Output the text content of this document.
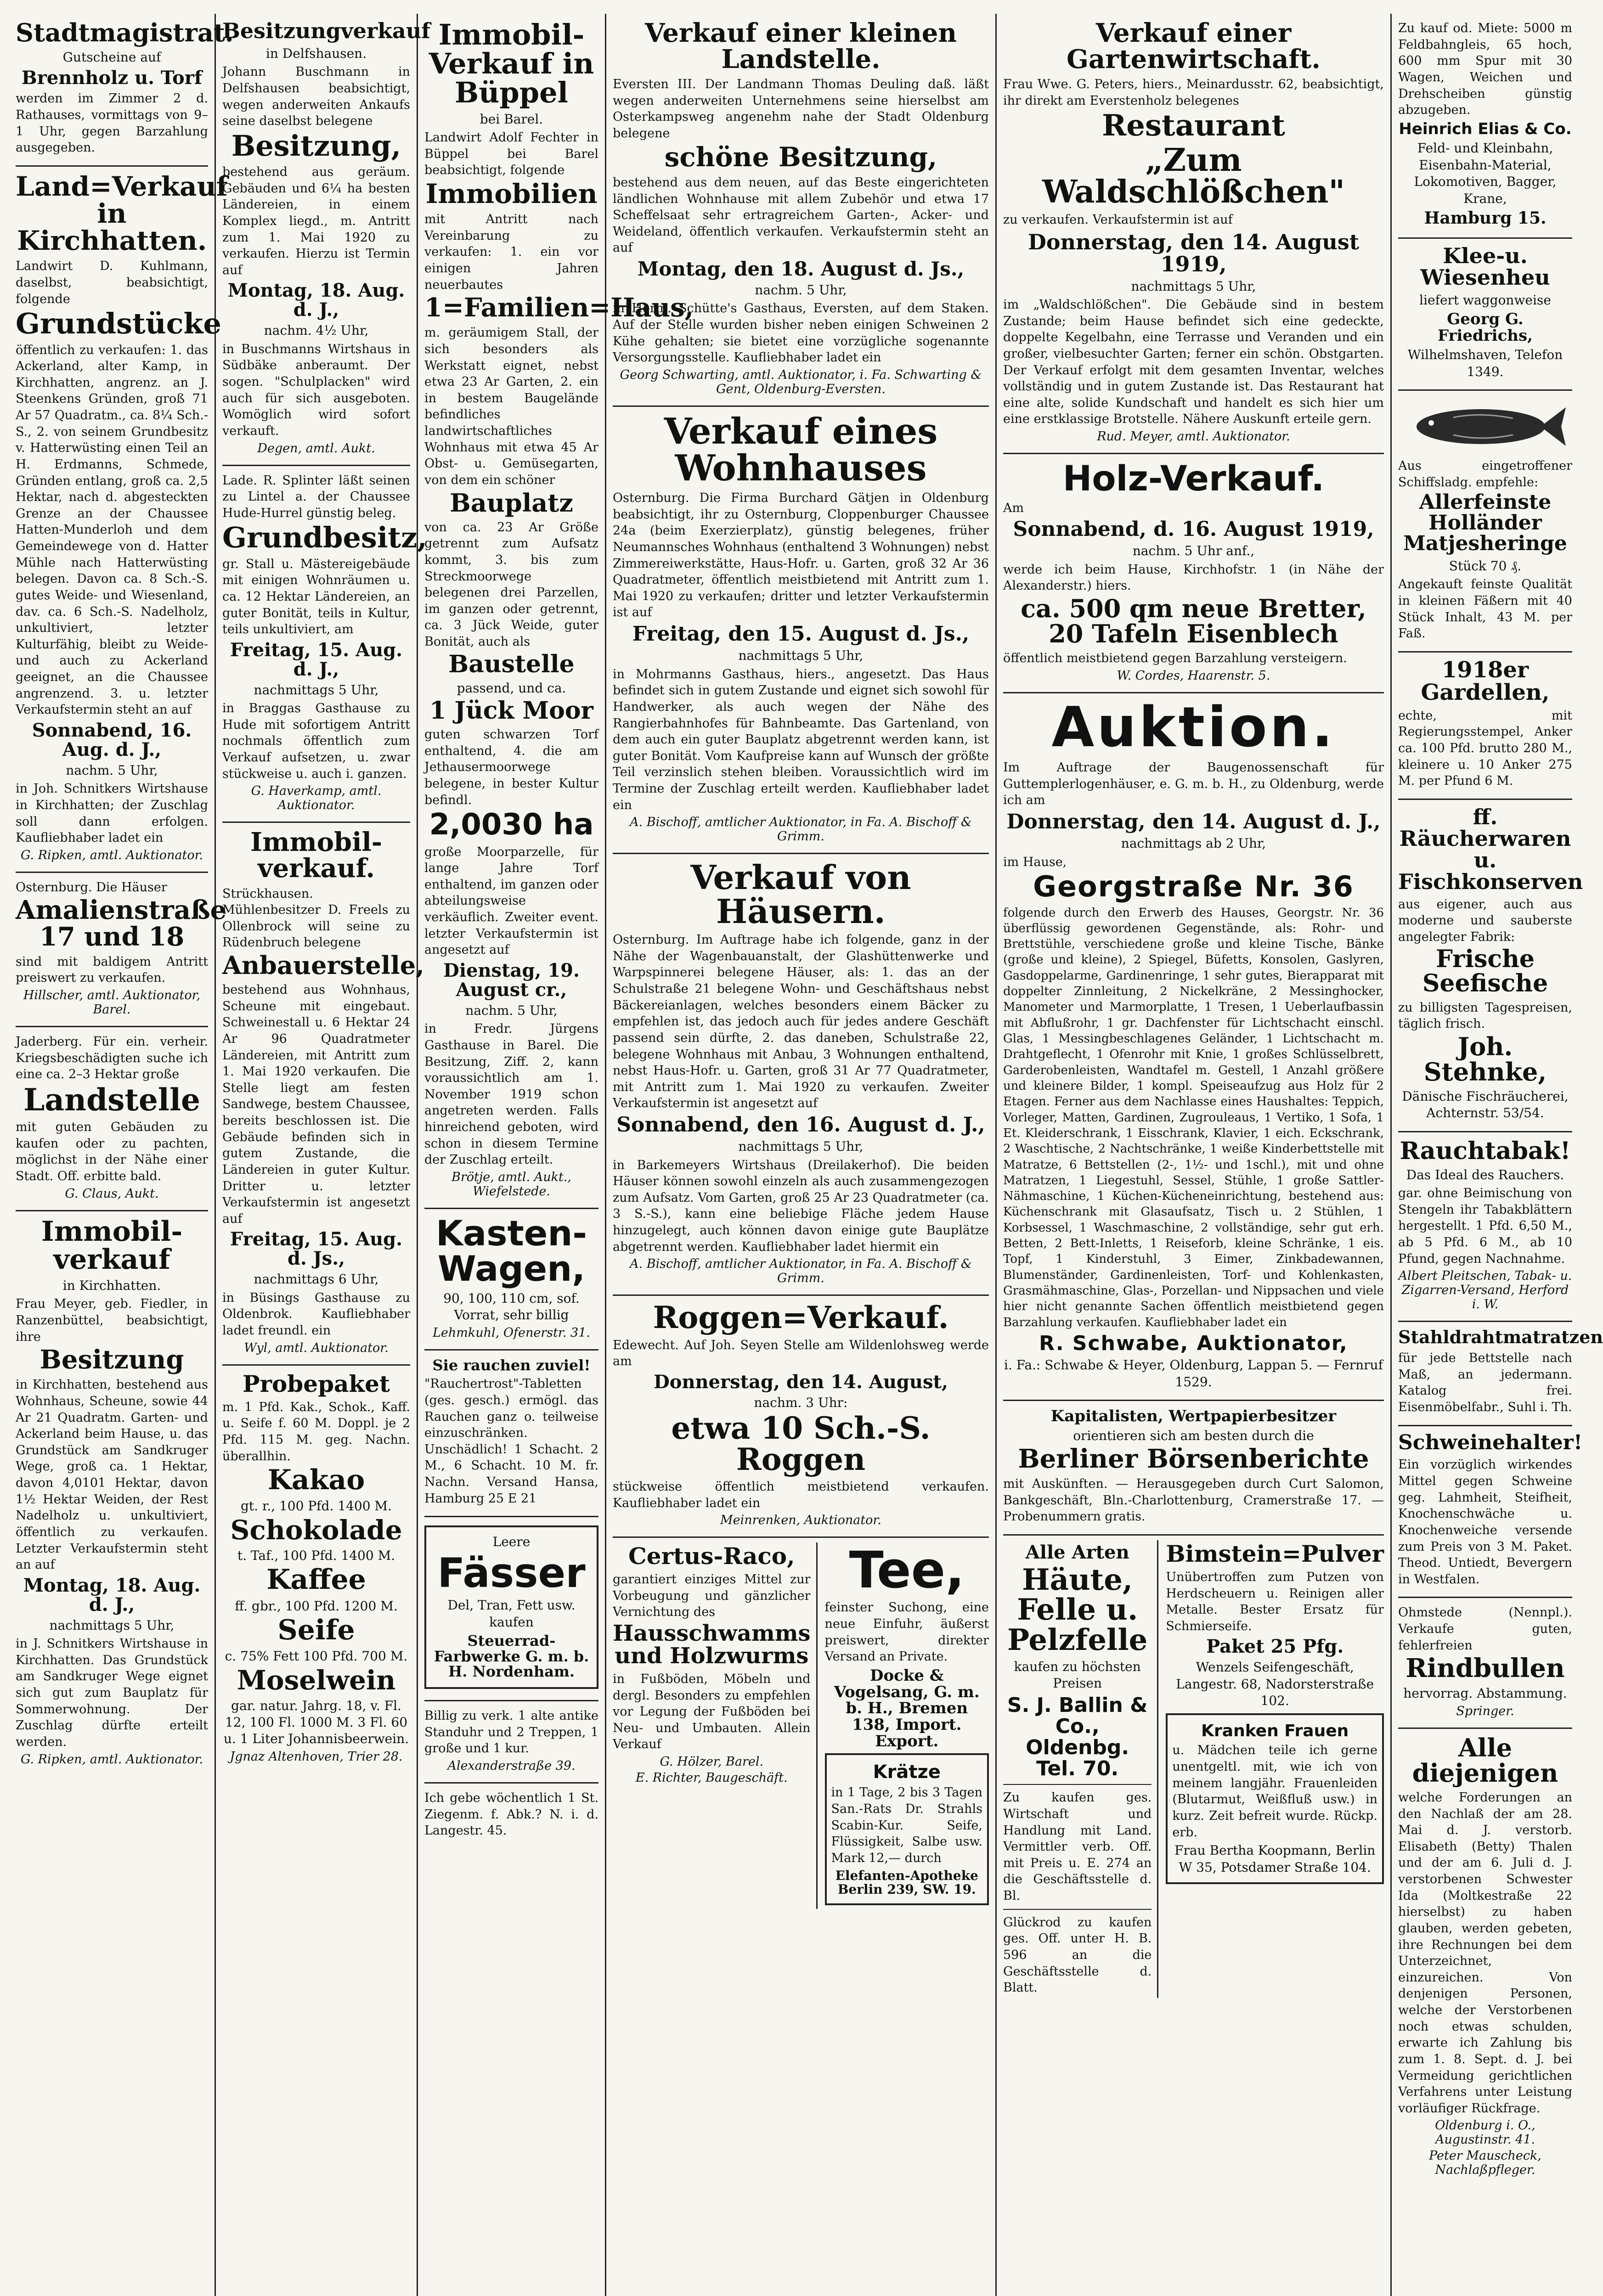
Stadtmagistrat.
Gutscheine auf
Brennholz u. Torf
werden im Zimmer 2 d. Rathauses, vormittags von 9–1 Uhr, gegen Barzahlung ausgegeben.
Land=Verkauf in Kirchhatten.
Landwirt D. Kuhlmann, daselbst, beabsichtigt, folgende
Grundstücke
öffentlich zu verkaufen: 1. das Ackerland, alter Kamp, in Kirchhatten, angrenz. an J. Steenkens Gründen, groß 71 Ar 57 Quadratm., ca. 8¼ Sch.-S., 2. von seinem Grundbesitz v. Hatterwüsting einen Teil an H. Erdmanns, Schmede, Gründen entlang, groß ca. 2,5 Hektar, nach d. abgesteckten Grenze an der Chaussee Hatten-Munderloh und dem Gemeindewege von d. Hatter Mühle nach Hatterwüsting belegen. Davon ca. 8 Sch.-S. gutes Weide- und Wiesenland, dav. ca. 6 Sch.-S. Nadelholz, unkultiviert, letzter Kulturfähig, bleibt zu Weide- und auch zu Ackerland geeignet, an die Chaussee angrenzend. 3. u. letzter Verkaufstermin steht an auf
Sonnabend, 16. Aug. d. J.,
nachm. 5 Uhr,
in Joh. Schnitkers Wirtshause in Kirchhatten; der Zuschlag soll dann erfolgen. Kaufliebhaber ladet ein
G. Ripken, amtl. Auktionator.
Osternburg. Die Häuser
Amalienstraße 17 und 18
sind mit baldigem Antritt preiswert zu verkaufen.
Hillscher, amtl. Auktionator, Barel.
Jaderberg. Für ein. verheir. Kriegsbeschädigten suche ich eine ca. 2–3 Hektar große
Landstelle
mit guten Gebäuden zu kaufen oder zu pachten, möglichst in der Nähe einer Stadt. Off. erbitte bald.
G. Claus, Aukt.
Immobil-verkauf
in Kirchhatten.
Frau Meyer, geb. Fiedler, in Ranzenbüttel, beabsichtigt, ihre
Besitzung
in Kirchhatten, bestehend aus Wohnhaus, Scheune, sowie 44 Ar 21 Quadratm. Garten- und Ackerland beim Hause, u. das Grundstück am Sandkruger Wege, groß ca. 1 Hektar, davon 4,0101 Hektar, davon 1½ Hektar Weiden, der Rest Nadelholz u. unkultiviert, öffentlich zu verkaufen. Letzter Verkaufstermin steht an auf
Montag, 18. Aug. d. J.,
nachmittags 5 Uhr,
in J. Schnitkers Wirtshause in Kirchhatten. Das Grundstück am Sandkruger Wege eignet sich gut zum Bauplatz für Sommerwohnung. Der Zuschlag dürfte erteilt werden.
G. Ripken, amtl. Auktionator.
Besitzungverkauf
in Delfshausen.
Johann Buschmann in Delfshausen beabsichtigt, wegen anderweiten Ankaufs seine daselbst belegene
Besitzung,
bestehend aus geräum. Gebäuden und 6¼ ha besten Ländereien, in einem Komplex liegd., m. Antritt zum 1. Mai 1920 zu verkaufen. Hierzu ist Termin auf
Montag, 18. Aug. d. J.,
nachm. 4½ Uhr,
in Buschmanns Wirtshaus in Südbäke anberaumt. Der sogen. "Schulplacken" wird auch für sich ausgeboten. Womöglich wird sofort verkauft.
Degen, amtl. Aukt.
Lade. R. Splinter läßt seinen zu Lintel a. der Chaussee Hude-Hurrel günstig beleg.
Grundbesitz,
gr. Stall u. Mästereigebäude mit einigen Wohnräumen u. ca. 12 Hektar Ländereien, an guter Bonität, teils in Kultur, teils unkultiviert, am
Freitag, 15. Aug. d. J.,
nachmittags 5 Uhr,
in Braggas Gasthause zu Hude mit sofortigem Antritt nochmals öffentlich zum Verkauf aufsetzen, u. zwar stückweise u. auch i. ganzen.
G. Haverkamp, amtl. Auktionator.
Immobil-verkauf.
Strückhausen. Mühlenbesitzer D. Freels zu Ollenbrock will seine zu Rüdenbruch belegene
Anbauerstelle,
bestehend aus Wohnhaus, Scheune mit eingebaut. Schweinestall u. 6 Hektar 24 Ar 96 Quadratmeter Ländereien, mit Antritt zum 1. Mai 1920 verkaufen. Die Stelle liegt am festen Sandwege, bestem Chaussee, bereits beschlossen ist. Die Gebäude befinden sich in gutem Zustande, die Ländereien in guter Kultur. Dritter u. letzter Verkaufstermin ist angesetzt auf
Freitag, 15. Aug. d. Js.,
nachmittags 6 Uhr,
in Büsings Gasthause zu Oldenbrok. Kaufliebhaber ladet freundl. ein
Wyl, amtl. Auktionator.
Probepaket
m. 1 Pfd. Kak., Schok., Kaff. u. Seife f. 60 M. Doppl. je 2 Pfd. 115 M. geg. Nachn. überallhin.
Kakao
gt. r., 100 Pfd. 1400 M.
Schokolade
t. Taf., 100 Pfd. 1400 M.
Kaffee
ff. gbr., 100 Pfd. 1200 M.
Seife
c. 75% Fett 100 Pfd. 700 M.
Moselwein
gar. natur. Jahrg. 18, v. Fl. 12, 100 Fl. 1000 M. 3 Fl. 60 u. 1 Liter Johannisbeerwein.
Jgnaz Altenhoven, Trier 28.
Immobil-Verkauf in Büppel
bei Barel.
Landwirt Adolf Fechter in Büppel bei Barel beabsichtigt, folgende
Immobilien
mit Antritt nach Vereinbarung zu verkaufen: 1. ein vor einigen Jahren neuerbautes
1=Familien=Haus,
m. geräumigem Stall, der sich besonders als Werkstatt eignet, nebst etwa 23 Ar Garten, 2. ein in bestem Baugelände befindliches landwirtschaftliches Wohnhaus mit etwa 45 Ar Obst- u. Gemüsegarten, von dem ein schöner
Bauplatz
von ca. 23 Ar Größe getrennt zum Aufsatz kommt, 3. bis zum Streckmoorwege belegenen drei Parzellen, im ganzen oder getrennt, ca. 3 Jück Weide, guter Bonität, auch als
Baustelle
passend, und ca.
1 Jück Moor
guten schwarzen Torf enthaltend, 4. die am Jethausermoorwege belegene, in bester Kultur befindl.
2,0030 ha
große Moorparzelle, für lange Jahre Torf enthaltend, im ganzen oder abteilungsweise verkäuflich. Zweiter event. letzter Verkaufstermin ist angesetzt auf
Dienstag, 19. August cr.,
nachm. 5 Uhr,
in Fredr. Jürgens Gasthause in Barel. Die Besitzung, Ziff. 2, kann voraussichtlich am 1. November 1919 schon angetreten werden. Falls hinreichend geboten, wird schon in diesem Termine der Zuschlag erteilt.
Brötje, amtl. Aukt., Wiefelstede.
Kasten-Wagen,
90, 100, 110 cm, sof. Vorrat, sehr billig
Lehmkuhl, Ofenerstr. 31.
Sie rauchen zuviel!
"Rauchertrost"-Tabletten (ges. gesch.) ermögl. das Rauchen ganz o. teilweise einzuschränken. Unschädlich! 1 Schacht. 2 M., 6 Schacht. 10 M. fr. Nachn. Versand Hansa, Hamburg 25 E 21
Leere
Fässer
Del, Tran, Fett usw. kaufen
Steuerrad-Farbwerke G. m. b. H. Nordenham.
Billig zu verk. 1 alte antike Standuhr und 2 Treppen, 1 große und 1 kur.
Alexanderstraße 39.
Ich gebe wöchentlich 1 St. Ziegenm. f. Abk.? N. i. d. Langestr. 45.
Verkauf einer kleinen Landstelle.
Eversten III. Der Landmann Thomas Deuling daß. läßt wegen anderweiten Unternehmens seine hierselbst am Osterkampsweg angenehm nahe der Stadt Oldenburg belegene
schöne Besitzung,
bestehend aus dem neuen, auf das Beste eingerichteten ländlichen Wohnhause mit allem Zubehör und etwa 17 Scheffelsaat sehr ertragreichem Garten-, Acker- und Weideland, öffentlich verkaufen. Verkaufstermin steht an auf
Montag, den 18. August d. Js.,
nachm. 5 Uhr,
in Herm. Schütte's Gasthaus, Eversten, auf dem Staken. Auf der Stelle wurden bisher neben einigen Schweinen 2 Kühe gehalten; sie bietet eine vorzügliche sogenannte Versorgungsstelle. Kaufliebhaber ladet ein
Georg Schwarting, amtl. Auktionator, i. Fa. Schwarting & Gent, Oldenburg-Eversten.
Verkauf eines Wohnhauses
Osternburg. Die Firma Burchard Gätjen in Oldenburg beabsichtigt, ihr zu Osternburg, Cloppenburger Chaussee 24a (beim Exerzierplatz), günstig belegenes, früher Neumannsches Wohnhaus (enthaltend 3 Wohnungen) nebst Zimmereiwerkstätte, Haus-Hofr. u. Garten, groß 32 Ar 36 Quadratmeter, öffentlich meistbietend mit Antritt zum 1. Mai 1920 zu verkaufen; dritter und letzter Verkaufstermin ist auf
Freitag, den 15. August d. Js.,
nachmittags 5 Uhr,
in Mohrmanns Gasthaus, hiers., angesetzt. Das Haus befindet sich in gutem Zustande und eignet sich sowohl für Handwerker, als auch wegen der Nähe des Rangierbahnhofes für Bahnbeamte. Das Gartenland, von dem auch ein guter Bauplatz abgetrennt werden kann, ist guter Bonität. Vom Kaufpreise kann auf Wunsch der größte Teil verzinslich stehen bleiben. Voraussichtlich wird im Termine der Zuschlag erteilt werden. Kaufliebhaber ladet ein
A. Bischoff, amtlicher Auktionator, in Fa. A. Bischoff & Grimm.
Verkauf von Häusern.
Osternburg. Im Auftrage habe ich folgende, ganz in der Nähe der Wagenbauanstalt, der Glashüttenwerke und Warpspinnerei belegene Häuser, als: 1. das an der Schulstraße 21 belegene Wohn- und Geschäftshaus nebst Bäckereianlagen, welches besonders einem Bäcker zu empfehlen ist, das jedoch auch für jedes andere Geschäft passend sein dürfte, 2. das daneben, Schulstraße 22, belegene Wohnhaus mit Anbau, 3 Wohnungen enthaltend, nebst Haus-Hofr. u. Garten, groß 31 Ar 77 Quadratmeter, mit Antritt zum 1. Mai 1920 zu verkaufen. Zweiter Verkaufstermin ist angesetzt auf
Sonnabend, den 16. August d. J.,
nachmittags 5 Uhr,
in Barkemeyers Wirtshaus (Dreilakerhof). Die beiden Häuser können sowohl einzeln als auch zusammengezogen zum Aufsatz. Vom Garten, groß 25 Ar 23 Quadratmeter (ca. 3 S.-S.), kann eine beliebige Fläche jedem Hause hinzugelegt, auch können davon einige gute Bauplätze abgetrennt werden. Kaufliebhaber ladet hiermit ein
A. Bischoff, amtlicher Auktionator, in Fa. A. Bischoff & Grimm.
Roggen=Verkauf.
Edewecht. Auf Joh. Seyen Stelle am Wildenlohsweg werde am
Donnerstag, den 14. August,
nachm. 3 Uhr:
etwa 10 Sch.-S. Roggen
stückweise öffentlich meistbietend verkaufen. Kaufliebhaber ladet ein
Meinrenken, Auktionator.
Certus-Raco,
garantiert einziges Mittel zur Vorbeugung und gänzlicher Vernichtung des
Hausschwamms und Holzwurms
in Fußböden, Möbeln und dergl. Besonders zu empfehlen vor Legung der Fußböden bei Neu- und Umbauten. Allein Verkauf
G. Hölzer, Barel.
E. Richter, Baugeschäft.
Tee,
feinster Suchong, eine neue Einfuhr, äußerst preiswert, direkter Versand an Private.
Docke & Vogelsang, G. m. b. H., Bremen 138, Import. Export.
Krätze
in 1 Tage, 2 bis 3 Tagen San.-Rats Dr. Strahls Scabin-Kur. Seife, Flüssigkeit, Salbe usw. Mark 12,— durch
Elefanten-Apotheke Berlin 239, SW. 19.
Verkauf einer Gartenwirtschaft.
Frau Wwe. G. Peters, hiers., Meinardusstr. 62, beabsichtigt, ihr direkt am Everstenholz belegenes
Restaurant
„Zum Waldschlößchen"
zu verkaufen. Verkaufstermin ist auf
Donnerstag, den 14. August 1919,
nachmittags 5 Uhr,
im „Waldschlößchen". Die Gebäude sind in bestem Zustande; beim Hause befindet sich eine gedeckte, doppelte Kegelbahn, eine Terrasse und Veranden und ein großer, vielbesuchter Garten; ferner ein schön. Obstgarten. Der Verkauf erfolgt mit dem gesamten Inventar, welches vollständig und in gutem Zustande ist. Das Restaurant hat eine alte, solide Kundschaft und handelt es sich hier um eine erstklassige Brotstelle. Nähere Auskunft erteile gern.
Rud. Meyer, amtl. Auktionator.
Holz-Verkauf.
Am
Sonnabend, d. 16. August 1919,
nachm. 5 Uhr anf.,
werde ich beim Hause, Kirchhofstr. 1 (in Nähe der Alexanderstr.) hiers.
ca. 500 qm neue Bretter, 20 Tafeln Eisenblech
öffentlich meistbietend gegen Barzahlung versteigern.
W. Cordes, Haarenstr. 5.
Auktion.
Im Auftrage der Baugenossenschaft für Guttemplerlogenhäuser, e. G. m. b. H., zu Oldenburg, werde ich am
Donnerstag, den 14. August d. J.,
nachmittags ab 2 Uhr,
im Hause,
Georgstraße Nr. 36
folgende durch den Erwerb des Hauses, Georgstr. Nr. 36 überflüssig gewordenen Gegenstände, als: Rohr- und Brettstühle, verschiedene große und kleine Tische, Bänke (große und kleine), 2 Spiegel, Büfetts, Konsolen, Gaslyren, Gasdoppelarme, Gardinenringe, 1 sehr gutes, Bierapparat mit doppelter Zinnleitung, 2 Nickelkräne, 2 Messinghocker, Manometer und Marmorplatte, 1 Tresen, 1 Ueberlaufbassin mit Abflußrohr, 1 gr. Dachfenster für Lichtschacht einschl. Glas, 1 Messingbeschlagenes Geländer, 1 Lichtschacht m. Drahtgeflecht, 1 Ofenrohr mit Knie, 1 großes Schlüsselbrett, Garderobenleisten, Wandtafel m. Gestell, 1 Anzahl größere und kleinere Bilder, 1 kompl. Speiseaufzug aus Holz für 2 Etagen. Ferner aus dem Nachlasse eines Haushaltes: Teppich, Vorleger, Matten, Gardinen, Zugrouleaus, 1 Vertiko, 1 Sofa, 1 Et. Kleiderschrank, 1 Eisschrank, Klavier, 1 eich. Eckschrank, 2 Waschtische, 2 Nachtschränke, 1 weiße Kinderbettstelle mit Matratze, 6 Bettstellen (2-, 1½- und 1schl.), mit und ohne Matratzen, 1 Liegestuhl, Sessel, Stühle, 1 große Sattler-Nähmaschine, 1 Küchen-Kücheneinrichtung, bestehend aus: Küchenschrank mit Glasaufsatz, Tisch u. 2 Stühlen, 1 Korbsessel, 1 Waschmaschine, 2 vollständige, sehr gut erh. Betten, 2 Bett-Inletts, 1 Reiseforb, kleine Schränke, 1 eis. Topf, 1 Kinderstuhl, 3 Eimer, Zinkbadewannen, Blumenständer, Gardinenleisten, Torf- und Kohlenkasten, Grasmähmaschine, Glas-, Porzellan- und Nippsachen und viele hier nicht genannte Sachen öffentlich meistbietend gegen Barzahlung verkaufen. Kaufliebhaber ladet ein
R. Schwabe, Auktionator,
i. Fa.: Schwabe & Heyer, Oldenburg, Lappan 5. — Fernruf 1529.
Kapitalisten, Wertpapierbesitzer
orientieren sich am besten durch die
Berliner Börsenberichte
mit Auskünften. — Herausgegeben durch Curt Salomon, Bankgeschäft, Bln.-Charlottenburg, Cramerstraße 17. — Probenummern gratis.
Alle Arten
Häute, Felle u. Pelzfelle
kaufen zu höchsten Preisen
S. J. Ballin & Co., Oldenbg. Tel. 70.
Zu kaufen ges. Wirtschaft und Handlung mit Land. Vermittler verb. Off. mit Preis u. E. 274 an die Geschäftsstelle d. Bl.
Glückrod zu kaufen ges. Off. unter H. B. 596 an die Geschäftsstelle d. Blatt.
Bimstein=Pulver
Unübertroffen zum Putzen von Herdscheuern u. Reinigen aller Metalle. Bester Ersatz für Schmierseife.
Paket 25 Pfg.
Wenzels Seifengeschäft, Langestr. 68, Nadorsterstraße 102.
Kranken Frauen
u. Mädchen teile ich gerne unentgeltl. mit, wie ich von meinem langjähr. Frauenleiden (Blutarmut, Weißfluß usw.) in kurz. Zeit befreit wurde. Rückp. erb.
Frau Bertha Koopmann, Berlin W 35, Potsdamer Straße 104.
Zu kauf od. Miete: 5000 m Feldbahngleis, 65 hoch, 600 mm Spur mit 30 Wagen, Weichen und Drehscheiben günstig abzugeben.
Heinrich Elias & Co.
Feld- und Kleinbahn, Eisenbahn-Material, Lokomotiven, Bagger, Krane,
Hamburg 15.
Klee-u. Wiesenheu
liefert waggonweise
Georg G. Friedrichs,
Wilhelmshaven, Telefon 1349.
Aus eingetroffener Schiffsladg. empfehle:
Allerfeinste Holländer Matjesheringe
Stück 70 ₰.
Angekauft feinste Qualität in kleinen Fäßern mit 40 Stück Inhalt, 43 M. per Faß.
1918er Gardellen,
echte, mit Regierungsstempel, Anker ca. 100 Pfd. brutto 280 M., kleinere u. 10 Anker 275 M. per Pfund 6 M.
ff. Räucherwaren u. Fischkonserven
aus eigener, auch aus moderne und sauberste angelegter Fabrik:
Frische Seefische
zu billigsten Tagespreisen, täglich frisch.
Joh. Stehnke,
Dänische Fischräucherei, Achternstr. 53/54.
Rauchtabak!
Das Ideal des Rauchers.
gar. ohne Beimischung von Stengeln ihr Tabakblättern hergestellt. 1 Pfd. 6,50 M., ab 5 Pfd. 6 M., ab 10 Pfund, gegen Nachnahme.
Albert Pleitschen, Tabak- u. Zigarren-Versand, Herford i. W.
Stahldrahtmatratzen
für jede Bettstelle nach Maß, an jedermann. Katalog frei. Eisenmöbelfabr., Suhl i. Th.
Schweinehalter!
Ein vorzüglich wirkendes Mittel gegen Schweine geg. Lahmheit, Steifheit, Knochenschwäche u. Knochenweiche versende zum Preis von 3 M. Paket. Theod. Untiedt, Bevergern in Westfalen.
Ohmstede (Nennpl.). Verkaufe guten, fehlerfreien
Rindbullen
hervorrag. Abstammung.
Springer.
Alle diejenigen
welche Forderungen an den Nachlaß der am 28. Mai d. J. verstorb. Elisabeth (Betty) Thalen und der am 6. Juli d. J. verstorbenen Schwester Ida (Moltkestraße 22 hierselbst) zu haben glauben, werden gebeten, ihre Rechnungen bei dem Unterzeichnet, einzureichen. Von denjenigen Personen, welche der Verstorbenen noch etwas schulden, erwarte ich Zahlung bis zum 1. 8. Sept. d. J. bei Vermeidung gerichtlichen Verfahrens unter Leistung vorläufiger Rückfrage.
Oldenburg i. O., Augustinstr. 41.
Peter Mauscheck, Nachlaßpfleger.
